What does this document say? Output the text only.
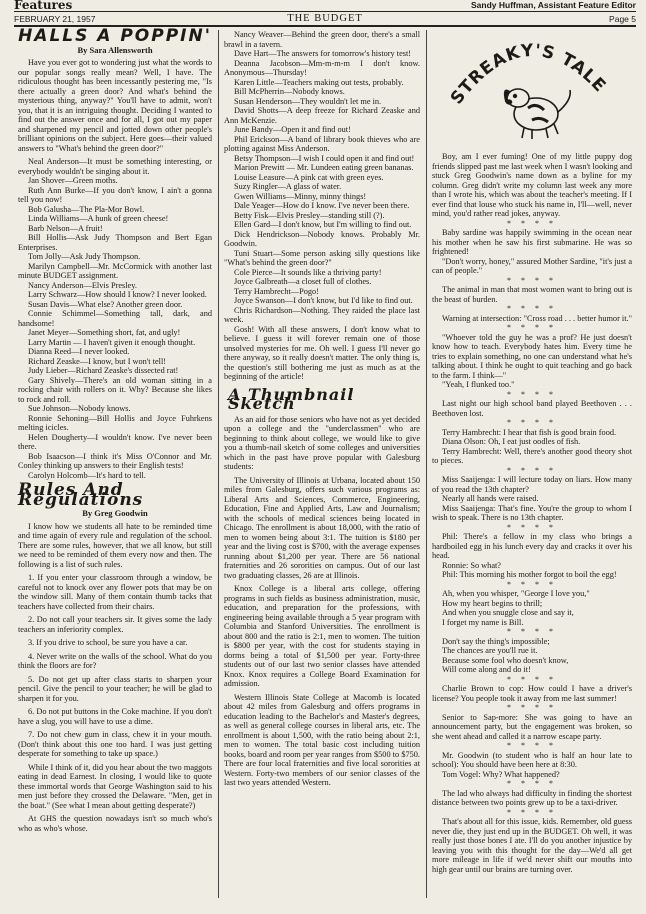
Features	Sandy Huffman, Assistant Feature Editor
FEBRUARY 21, 1957	THE BUDGET	Page 5
HALLS A POPPIN'
By Sara Allensworth

Have you ever got to wondering just what the words to our popular songs really mean? Well, I have. The ridiculous thought has been incessantly pestering me, "Is there actually a green door? And what's behind the mysterious thing, anyway?" You'll have to admit, won't you, that it is an intriguing thought. Deciding I wanted to find out the answer once and for all, I got out my paper and sharpened my pencil and jotted down other people's brilliant opinions on the subject. Here goes—their valued answers to "What's behind the green door?"

Neal Anderson—It must be something interesting, or everybody wouldn't be singing about it.

Jan Shover—Green moths.

Ruth Ann Burke—If you don't know, I ain't a gonna tell you now!

Bob Galusha—The Pla-Mor Bowl.

Linda Williams—A hunk of green cheese!

Barb Nelson—A fruit!

Bill Hollis—Ask Judy Thompson and Bert Egan Enterprises.

Tom Jolly—Ask Judy Thompson.

Marilyn Campbell—Mr. McCormick with another last minute BUDGET assignment.

Nancy Anderson—Elvis Presley.

Larry Schwarz—How should I know? I never looked.

Susan Davis—What else? Another green door.

Connie Schimmel—Something tall, dark, and handsome!

Janet Meyer—Something short, fat, and ugly!

Larry Martin — I haven't given it enough thought.

Dianna Reed—I never looked.

Richard Zeaske—I know, but I won't tell!

Judy Lieber—Richard Zeaske's dissected rat!

Gary Shively—There's an old woman sitting in a rocking chair with rollers on it. Why? Because she likes to rock and roll.

Sue Johnson—Nobody knows.

Ronnie Sehoning—Bill Hollis and Joyce Fuhrkens melting icicles.

Helen Dougherty—I wouldn't know. I've never been there.

Bob Isaacson—I think it's Miss O'Connor and Mr. Conley thinking up answers to their English tests!

Carolyn Holcomb—It's hard to tell.

Rules And Regulations
By Greg Goodwin

I know how we students all hate to be reminded time and time again of every rule and regulation of the school. There are some rules, however, that we all know, but still we need to be reminded of them every now and then. The following is a list of such rules.

1. If you enter your classroom through a window, be careful not to knock over any flower pots that may be on the window sill. Many of them contain thumb tacks that teachers have collected from their chairs.

2. Do not call your teachers sir. It gives some the lady teachers an inferiority complex.

3. If you drive to school, be sure you have a car.

4. Never write on the walls of the school. What do you think the floors are for?

5. Do not get up after class starts to sharpen your pencil. Give the pencil to your teacher; he will be glad to sharpen it for you.

6. Do not put buttons in the Coke machine. If you don't have a slug, you will have to use a dime.

7. Do not chew gum in class, chew it in your mouth. (Don't think about this one too hard. I was just getting desperate for something to take up space.)

While I think of it, did you hear about the two maggots eating in dead Earnest. In closing, I would like to quote these immortal words that George Washington said to his men just before they crossed the Delaware. "Men, get in the boat." (See what I mean about getting desperate?)

At GHS the question nowadays isn't so much who's who as who's whose.

Nancy Weaver—Behind the green door, there's a small brawl in a tavern.

Dave Hart—The answers for tomorrow's history test!

Deanna Jacobson—Mm-m-m-m I don't know. Anonymous—Thursday!

Karen Little—Teachers making out tests, probably.

Bill McPherrin—Nobody knows.

Susan Henderson—They wouldn't let me in.

David Shotts—A deep freeze for Richard Zeaske and Ann McKenzie.

June Bandy—Open it and find out!

Phil Erickson—A band of library book thieves who are plotting against Miss Anderson.

Betsy Thompson—I wish I could open it and find out!

Marion Prewitt — Mr. Lundeen eating green bananas.

Louise Leasure—A pink cat with green eyes.

Suzy Ringler—A glass of water.

Gwen Williams—Minny, minny things!

Dale Yeager—How do I know. I've never been there.

Betty Fisk—Elvis Presley—standing still (?).

Ellen Gard—I don't know, but I'm willing to find out.

Dick Hendrickson—Nobody knows. Probably Mr. Goodwin.

Tuni Stuart—Some person asking silly questions like "What's behind the green door?"

Cole Pierce—It sounds like a thriving party!

Joyce Galbreath—a closet full of clothes.

Terry Hambrecht—Pogo!

Joyce Swanson—I don't know, but I'd like to find out.

Chris Richardson—Nothing. They raided the place last week.

Gosh! With all these answers, I don't know what to believe. I guess it will forever remain one of those unsolved mysteries for me. Oh well. I guess I'll never go there anyway, so it really doesn't matter. The only thing is, the question's still bothering me just as much as at the beginning of the article!

A Thumbnail Sketch

As an aid for those seniors who have not as yet decided upon a college and the "underclassmen" who are beginning to think about college, we would like to give you a thumb-nail sketch of some colleges and universities which in the past have prove popular with Galesburg students:

The University of Illinois at Urbana, located about 150 miles from Galesburg, offers such various programs as: Liberal Arts and Sciences, Commerce, Engineering, Education, Fine and Applied Arts, Law and Journalism; with the schools of medical sciences being located in Chicago. The enrollment is about 18,000, with the ratio of men to women being about 3:1. The tuition is $180 per year and the living cost is $700, with the average expenses running about $1,200 per year. There are 56 national fraternities and 26 sororities on campus. Out of our last two graduating classes, 26 are at Illinois.

Knox College is a liberal arts college, offering programs in such fields as business administration, music, education, and preparation for the professions, with engineering being available through a 5 year program with Columbia and Stanford Universities. The enrollment is about 800 and the ratio is 2:1, men to women. The tuition is $800 per year, with the cost for students staying in dorms being a total of $1,500 per year. Forty-three students out of our last two senior classes have attended Knox. Knox requires a College Board Examination for admission.

Western Illinois State College at Macomb is located about 42 miles from Galesburg and offers programs in education leading to the Bachelor's and Master's degrees, as well as general college courses in liberal arts, etc. The enrollment is about 1,500, with the ratio being about 2:1, men to women. The total basic cost including tuition books, board and room per year ranges from $500 to $750. There are four local fraternities and five local sororities at Western. Forty-two members of our senior classes of the last two years attended Western.

STREAKY'S TALE

Boy, am I ever fuming! One of my little puppy dog friends slipped past me last week when I wasn't looking and stuck Greg Goodwin's name down as a byline for my column. Greg didn't write my column last week any more than I wrote his, which was about the teacher's meeting. If I ever find that louse who stuck his name in, I'll—well, never mind, you'd rather read jokes, anyway.

* * * *

Baby sardine was happily swimming in the ocean near his mother when he saw his first submarine. He was so frightened!

"Don't worry, honey," assured Mother Sardine, "it's just a can of people."

* * * *

The animal in man that most women want to bring out is the beast of burden.

* * * *

Warning at intersection: "Cross road . . . better humor it."

* * * *

"Whoever told the guy he was a prof? He just doesn't know how to teach. Everybody hates him. Every time he tries to explain something, no one can understand what he's talking about. I think he ought to quit teaching and go back to the farm. I think—"

"Yeah, I flunked too."

* * * *

Last night our high school band played Beethoven . . . Beethoven lost.

* * * *

Terry Hambrecht: I hear that fish is good brain food.

Diana Olson: Oh, I eat just oodles of fish.

Terry Hambrecht: Well, there's another good theory shot to pieces.

* * * *

Miss Saaijenga: I will lecture today on liars. How many of you read the 13th chapter?

Nearly all hands were raised.

Miss Saaijenga: That's fine. You're the group to whom I wish to speak. There is no 13th chapter.

* * * *

Phil: There's a fellow in my class who brings a hardboiled egg in his lunch every day and cracks it over his head.

Ronnie: So what?

Phil: This morning his mother forgot to boil the egg!

* * * *

Ah, when you whisper, "George I love you,"

How my heart begins to thrill;

And when you snuggle close and say it,

I forget my name is Bill.

* * * *

Don't say the thing's impossible;

The chances are you'll rue it.

Because some fool who doesn't know,

Will come along and do it!

* * * *

Charlie Brown to cop: How could I have a driver's license? You people took it away from me last summer!

* * * *

Senior to Sap-more: She was going to have an announcement party, but the engagement was broken, so she went ahead and called it a narrow escape party.

* * * *

Mr. Goodwin (to student who is half an hour late to school): You should have been here at 8:30.

Tom Vogel: Why? What happened?

* * * *

The lad who always had difficulty in finding the shortest distance between two points grew up to be a taxi-driver.

* * * *

That's about all for this issue, kids. Remember, old guess never die, they just end up in the BUDGET. Oh well, it was really just those bones I ate. I'll do you another injustice by leaving you with this thought for the day—We'd all get more mileage in life if we'd never shift our mouths into high gear until our brains are turning over.
